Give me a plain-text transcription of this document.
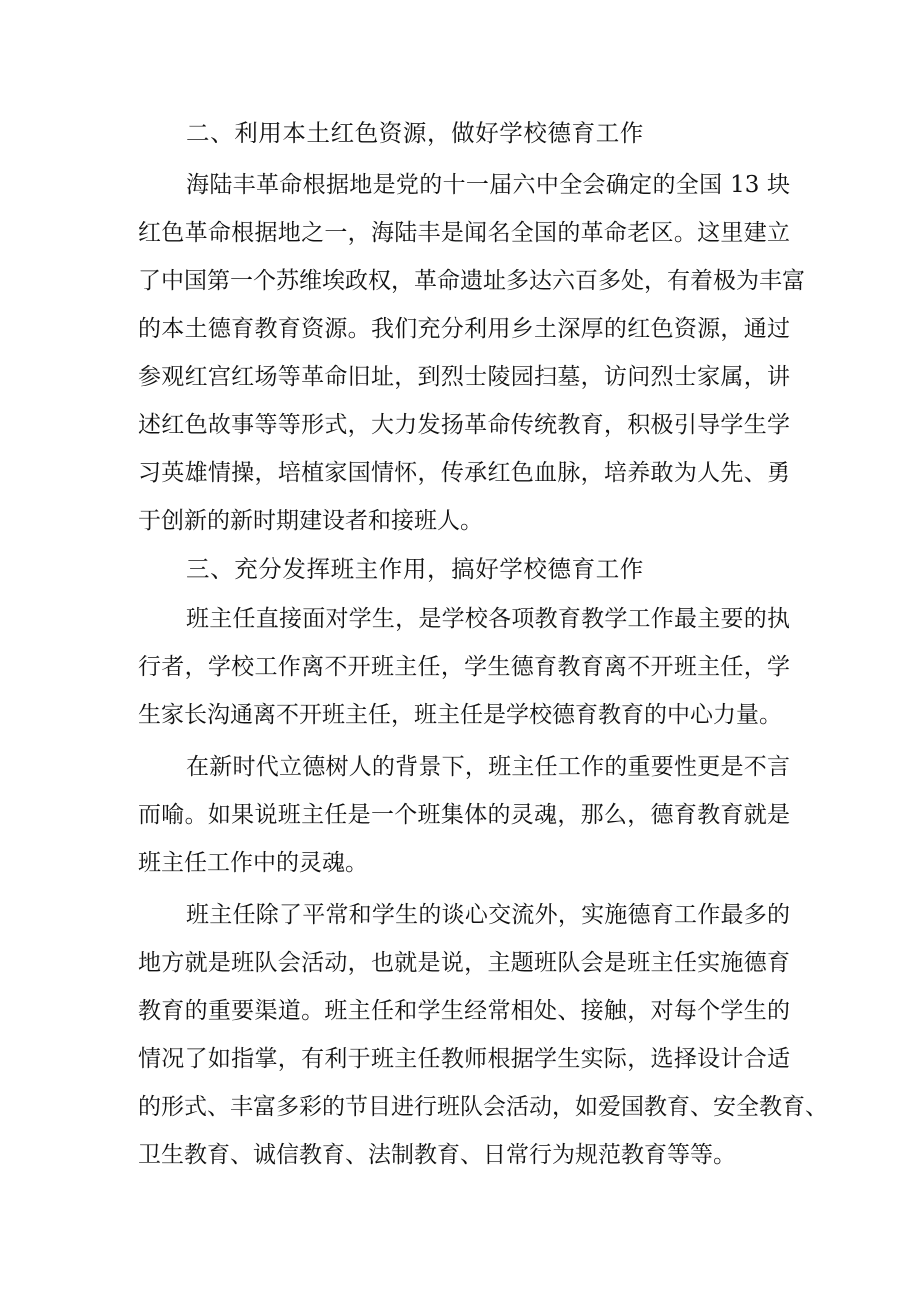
二、利用本土红色资源，做好学校德育工作

海陆丰革命根据地是党的十一届六中全会确定的全国 13 块

红色革命根据地之一，海陆丰是闻名全国的革命老区。这里建立

了中国第一个苏维埃政权，革命遗址多达六百多处，有着极为丰富

的本土德育教育资源。我们充分利用乡土深厚的红色资源，通过

参观红宫红场等革命旧址，到烈士陵园扫墓，访问烈士家属，讲

述红色故事等等形式，大力发扬革命传统教育，积极引导学生学

习英雄情操，培植家国情怀，传承红色血脉，培养敢为人先、勇

于创新的新时期建设者和接班人。

三、充分发挥班主作用，搞好学校德育工作

班主任直接面对学生，是学校各项教育教学工作最主要的执

行者，学校工作离不开班主任，学生德育教育离不开班主任，学

生家长沟通离不开班主任，班主任是学校德育教育的中心力量。

在新时代立德树人的背景下，班主任工作的重要性更是不言

而喻。如果说班主任是一个班集体的灵魂，那么，德育教育就是

班主任工作中的灵魂。

班主任除了平常和学生的谈心交流外，实施德育工作最多的

地方就是班队会活动，也就是说，主题班队会是班主任实施德育

教育的重要渠道。班主任和学生经常相处、接触，对每个学生的

情况了如指掌，有利于班主任教师根据学生实际，选择设计合适

的形式、丰富多彩的节目进行班队会活动，如爱国教育、安全教育、

卫生教育、诚信教育、法制教育、日常行为规范教育等等。
